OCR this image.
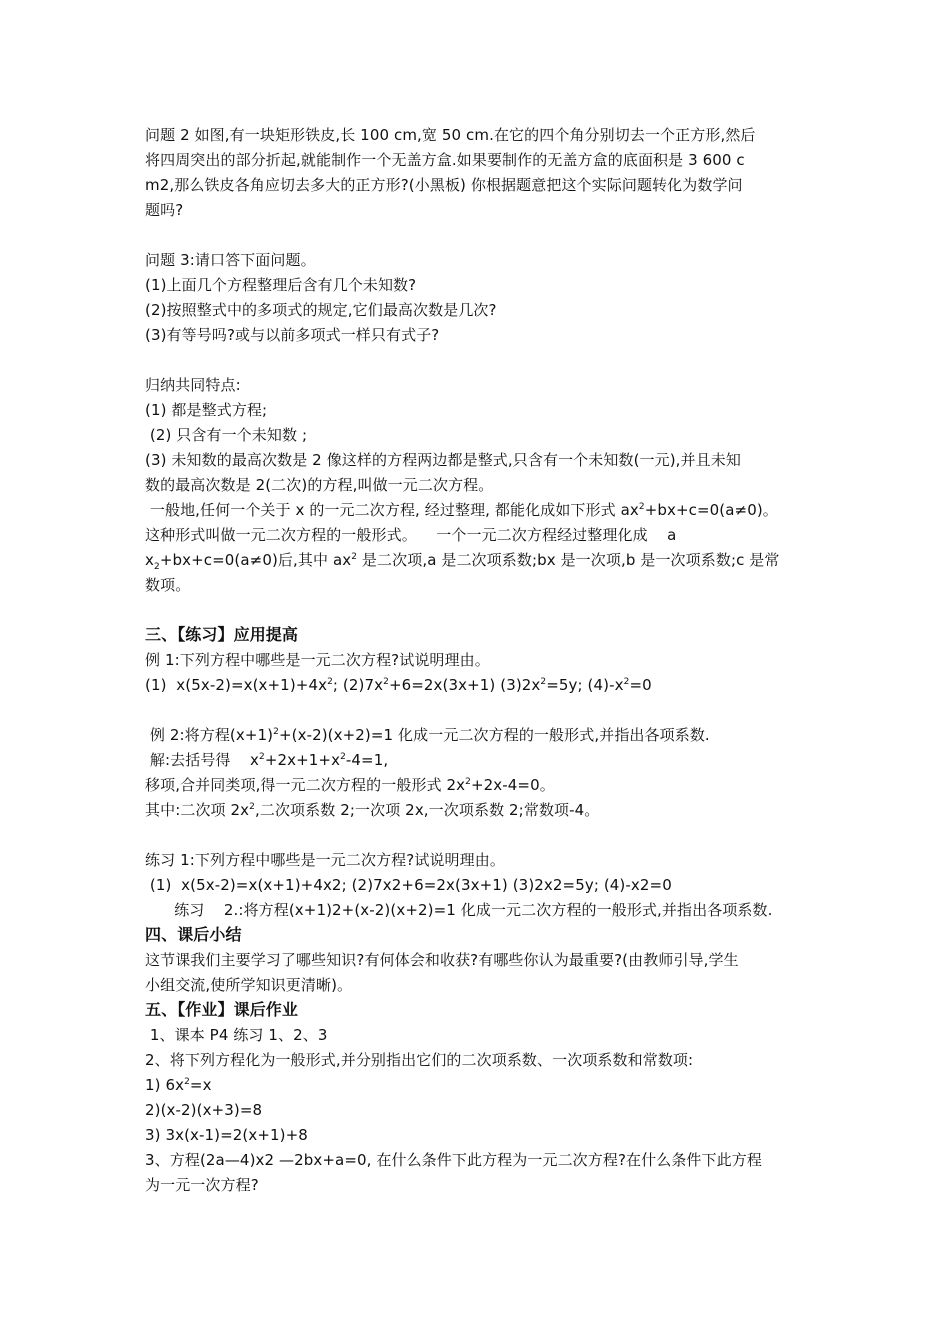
问题 2 如图,有一块矩形铁皮,长 100 cm,宽 50 cm.在它的四个角分别切去一个正方形,然后

将四周突出的部分折起,就能制作一个无盖方盒.如果要制作的无盖方盒的底面积是 3 600 c

m2,那么铁皮各角应切去多大的正方形?(小黑板) 你根据题意把这个实际问题转化为数学问

题吗?

问题 3:请口答下面问题。

(1)上面几个方程整理后含有几个未知数?

(2)按照整式中的多项式的规定,它们最高次数是几次?

(3)有等号吗?或与以前多项式一样只有式子?

归纳共同特点:

(1) 都是整式方程;

(2) 只含有一个未知数 ;

(3) 未知数的最高次数是 2 像这样的方程两边都是整式,只含有一个未知数(一元),并且未知

数的最高次数是 2(二次)的方程,叫做一元二次方程。

一般地,任何一个关于 x 的一元二次方程, 经过整理, 都能化成如下形式 $ax^2+bx+c=0(a\ne 0)$。

这种形式叫做一元二次方程的一般形式。    一个一元二次方程经过整理化成    a

$x_2+bx+c=0(a\ne 0)$后,其中 $ax^2$ 是二次项,a 是二次项系数;bx 是一次项,b 是一次项系数;c 是常

数项。

三、【练习】应用提高

例 1:下列方程中哪些是一元二次方程?试说明理由。

(1)  $x(5x-2)=x(x+1)+4x^2$; $(2)7x^2+6=2x(3x+1)$ $(3)2x^2=5y$; $(4)-x^2=0$

例 2:将方程$(x+1)^2+(x-2)(x+2)=1$ 化成一元二次方程的一般形式,并指出各项系数.

解:去括号得    $x^2+2x+1+x^2-4=1$,

移项,合并同类项,得一元二次方程的一般形式 $2x^2+2x-4=0$。

其中:二次项 $2x^2$,二次项系数 2;一次项 2x,一次项系数 2;常数项-4。

练习 1:下列方程中哪些是一元二次方程?试说明理由。

(1)  x(5x-2)=x(x+1)+4x2; (2)7x2+6=2x(3x+1) (3)2x2=5y; (4)-x2=0

练习    2.:将方程(x+1)2+(x-2)(x+2)=1 化成一元二次方程的一般形式,并指出各项系数.

四、课后小结

这节课我们主要学习了哪些知识?有何体会和收获?有哪些你认为最重要?(由教师引导,学生

小组交流,使所学知识更清晰)。

五、【作业】课后作业

1、课本 P4 练习 1、2、3

2、将下列方程化为一般形式,并分别指出它们的二次项系数、一次项系数和常数项:

1) $6x^2=x$

2)(x-2)(x+3)=8

3) 3x(x-1)=2(x+1)+8

3、方程(2a—4)x2 —2bx+a=0, 在什么条件下此方程为一元二次方程?在什么条件下此方程

为一元一次方程?
